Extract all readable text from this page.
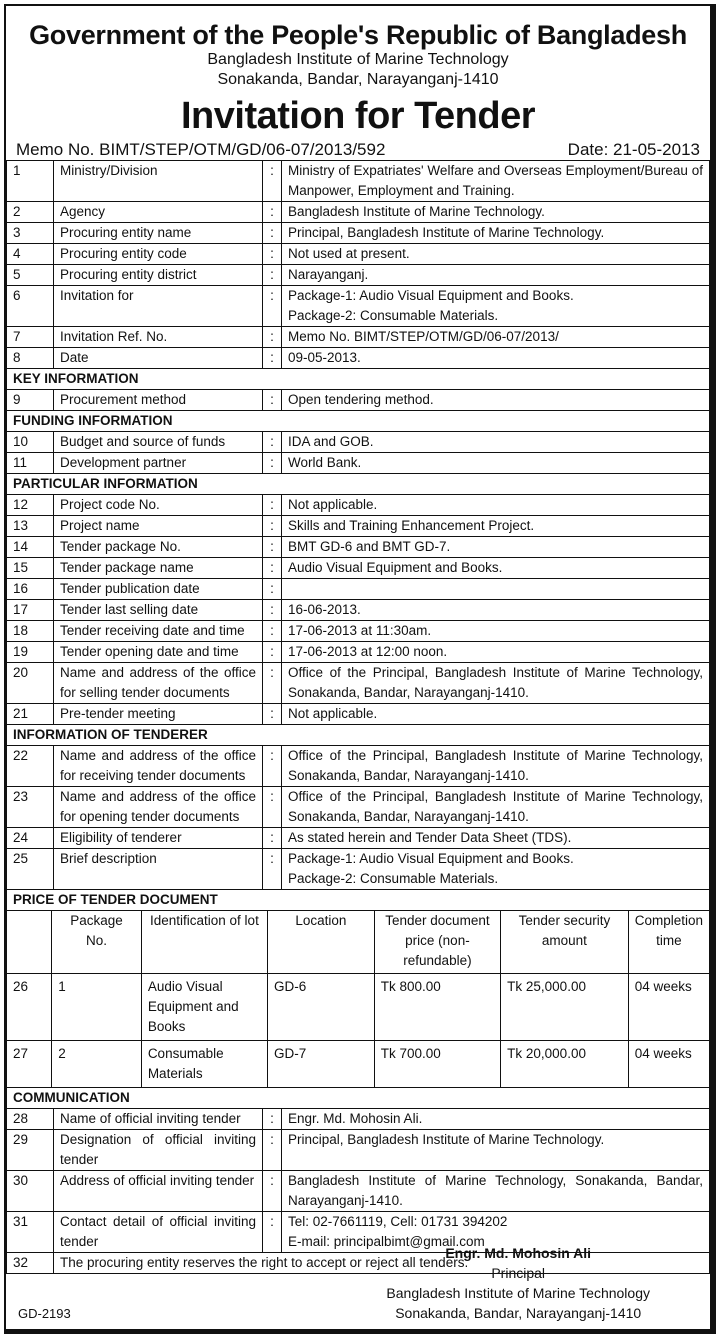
Government of the People's Republic of Bangladesh
Bangladesh Institute of Marine Technology
Sonakanda, Bandar, Narayanganj-1410
Invitation for Tender
Memo No. BIMT/STEP/OTM/GD/06-07/2013/592	Date: 21-05-2013
1	Ministry/Division	:	Ministry of Expatriates' Welfare and Overseas Employment/Bureau of Manpower, Employment and Training.
2	Agency	:	Bangladesh Institute of Marine Technology.
3	Procuring entity name	:	Principal, Bangladesh Institute of Marine Technology.
4	Procuring entity code	:	Not used at present.
5	Procuring entity district	:	Narayanganj.
6	Invitation for	:	Package-1: Audio Visual Equipment and Books.
Package-2: Consumable Materials.
7	Invitation Ref. No.	:	Memo No. BIMT/STEP/OTM/GD/06-07/2013/
8	Date	:	09-05-2013.
KEY INFORMATION
9	Procurement method	:	Open tendering method.
FUNDING INFORMATION
10	Budget and source of funds	:	IDA and GOB.
11	Development partner	:	World Bank.
PARTICULAR INFORMATION
12	Project code No.	:	Not applicable.
13	Project name	:	Skills and Training Enhancement Project.
14	Tender package No.	:	BMT GD-6 and BMT GD-7.
15	Tender package name	:	Audio Visual Equipment and Books.
16	Tender publication date	:	
17	Tender last selling date	:	16-06-2013.
18	Tender receiving date and time	:	17-06-2013 at 11:30am.
19	Tender opening date and time	:	17-06-2013 at 12:00 noon.
20	Name and address of the office for selling tender documents	:	Office of the Principal, Bangladesh Institute of Marine Technology, Sonakanda, Bandar, Narayanganj-1410.
21	Pre-tender meeting	:	Not applicable.
INFORMATION OF TENDERER
22	Name and address of the office for receiving tender documents	:	Office of the Principal, Bangladesh Institute of Marine Technology, Sonakanda, Bandar, Narayanganj-1410.
23	Name and address of the office for opening tender documents	:	Office of the Principal, Bangladesh Institute of Marine Technology, Sonakanda, Bandar, Narayanganj-1410.
24	Eligibility of tenderer	:	As stated herein and Tender Data Sheet (TDS).
25	Brief description	:	Package-1: Audio Visual Equipment and Books.
Package-2: Consumable Materials.
PRICE OF TENDER DOCUMENT

	Package No.	Identification of lot	Location	Tender document price (non-refundable)	Tender security amount	Completion time
26	1	Audio Visual Equipment and Books	GD-6	Tk 800.00	Tk 25,000.00	04 weeks
27	2	Consumable Materials	GD-7	Tk 700.00	Tk 20,000.00	04 weeks

COMMUNICATION
28	Name of official inviting tender	:	Engr. Md. Mohosin Ali.
29	Designation of official inviting tender	:	Principal, Bangladesh Institute of Marine Technology.
30	Address of official inviting tender	:	Bangladesh Institute of Marine Technology, Sonakanda, Bandar, Narayanganj-1410.
31	Contact detail of official inviting tender	:	Tel: 02-7661119, Cell: 01731 394202
E-mail: principalbimt@gmail.com
32	The procuring entity reserves the right to accept or reject all tenders.
GD-2193
Engr. Md. Mohosin Ali
Principal
Bangladesh Institute of Marine Technology
Sonakanda, Bandar, Narayanganj-1410
